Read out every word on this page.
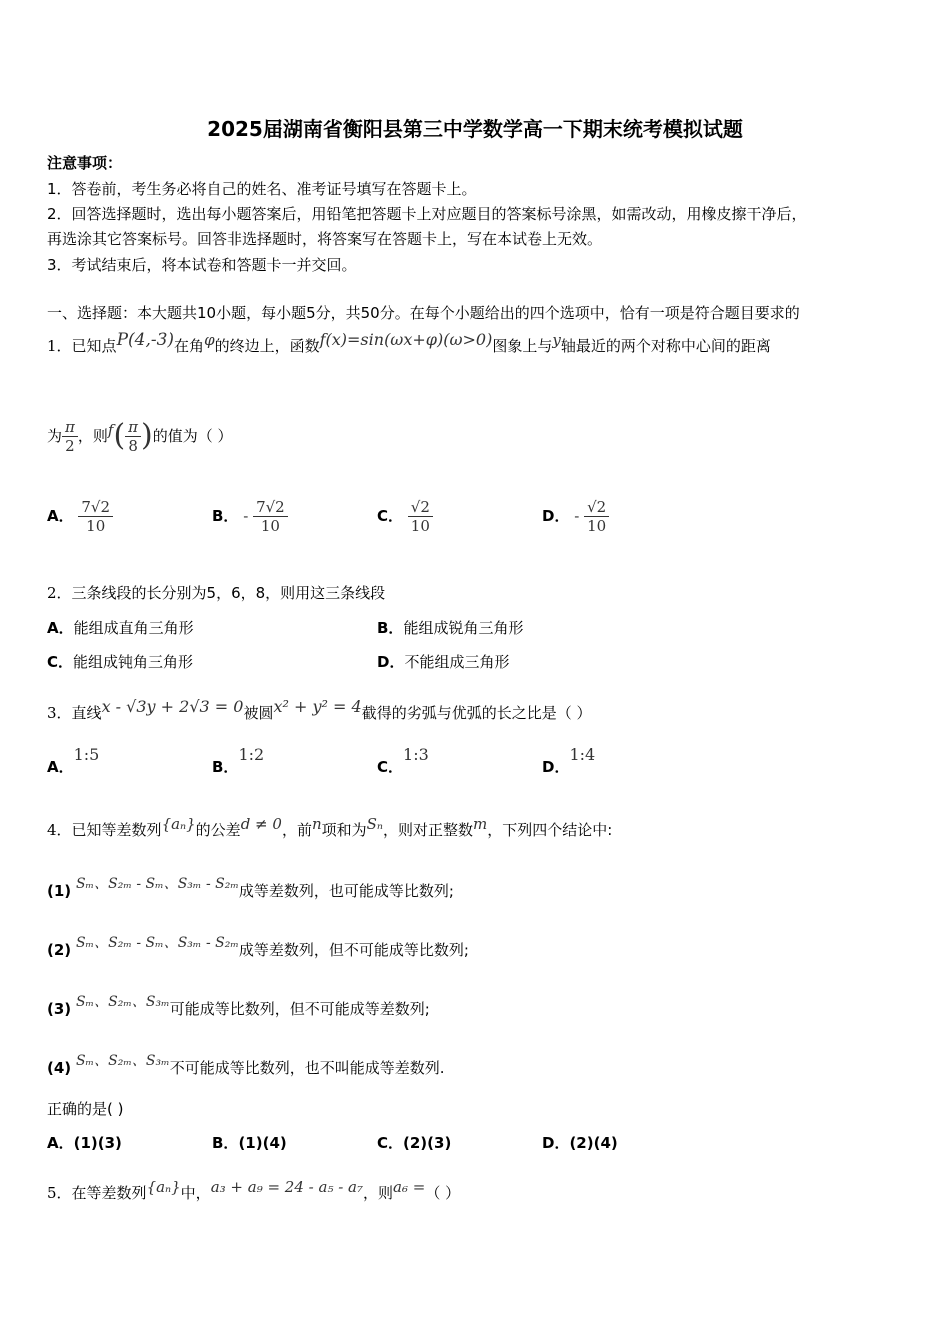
2025届湖南省衡阳县第三中学数学高一下期末统考模拟试题
注意事项：
1．答卷前，考生务必将自己的姓名、准考证号填写在答题卡上。
2．回答选择题时，选出每小题答案后，用铅笔把答题卡上对应题目的答案标号涂黑，如需改动，用橡皮擦干净后，
再选涂其它答案标号。回答非选择题时，将答案写在答题卡上，写在本试卷上无效。
3．考试结束后，将本试卷和答题卡一并交回。
一、选择题：本大题共10小题，每小题5分，共50分。在每个小题给出的四个选项中，恰有一项是符合题目要求的
1．已知点P(4,-3)在角φ的终边上，函数f(x)=sin(ωx+φ)(ω>0)图象上与y轴最近的两个对称中心间的距离
为 $\frac{\pi}{2}$ ，则$f( \frac{\pi}{8}$ )的值为（ ）
A． $\frac{7√2}{10}$	B． - $\frac{7√2}{10}$	C． $\frac{√2}{10}$	D． - $\frac{√2}{10}$
2．三条线段的长分别为5，6，8，则用这三条线段
A．能组成直角三角形	B．能组成锐角三角形
C．能组成钝角三角形	D．不能组成三角形
3．直线x - √3y + 2√3 = 0被圆x² + y² = 4截得的劣弧与优弧的长之比是（ ）
A．1:5
B．1:2
C．1:3
D．1:4
4．已知等差数列{aₙ}的公差d ≠ 0，前n项和为Sₙ，则对正整数m，下列四个结论中:
(1) Sₘ、S₂ₘ - Sₘ、S₃ₘ - S₂ₘ成等差数列，也可能成等比数列;
(2) Sₘ、S₂ₘ - Sₘ、S₃ₘ - S₂ₘ成等差数列，但不可能成等比数列;
(3) Sₘ、S₂ₘ、S₃ₘ可能成等比数列，但不可能成等差数列;
(4) Sₘ、S₂ₘ、S₃ₘ不可能成等比数列，也不叫能成等差数列.
正确的是( )
A．(1)(3)	B．(1)(4)	C．(2)(3)	D．(2)(4)
5．在等差数列{aₙ}中，a₃ + a₉ = 24 - a₅ - a₇，则a₆ =（ ）
